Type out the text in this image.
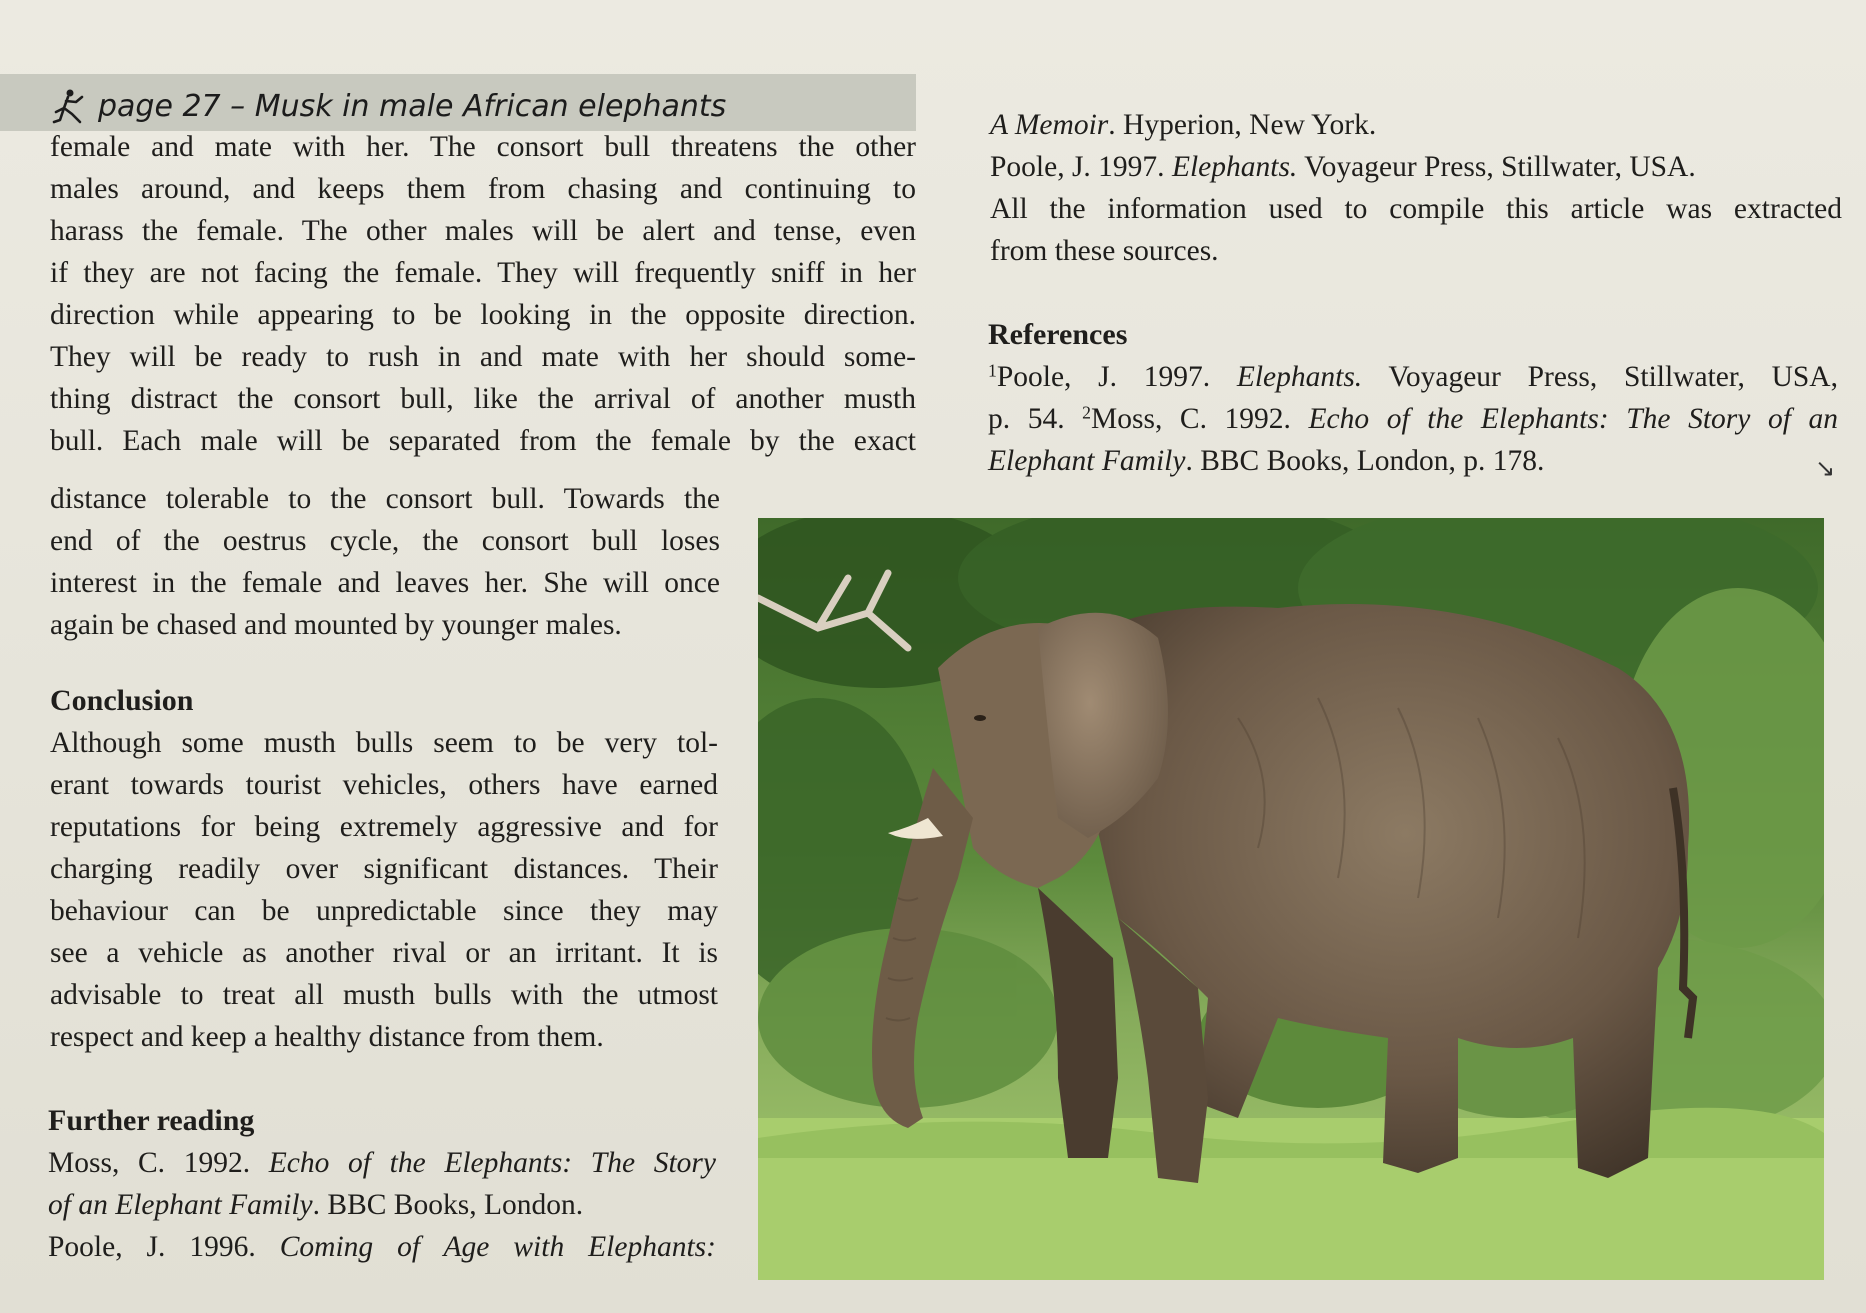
page 27 – Musk in male African elephants
female and mate with her. The consort bull threatens the other
males around, and keeps them from chasing and continuing to
harass the female. The other males will be alert and tense, even
if they are not facing the female. They will frequently sniff in her
direction while appearing to be looking in the opposite direction.
They will be ready to rush in and mate with her should some-
thing distract the consort bull, like the arrival of another musth
bull. Each male will be separated from the female by the exact
distance tolerable to the consort bull. Towards the
end of the oestrus cycle, the consort bull loses
interest in the female and leaves her. She will once
again be chased and mounted by younger males.
Conclusion
Although some musth bulls seem to be very tol-
erant towards tourist vehicles, others have earned
reputations for being extremely aggressive and for
charging readily over significant distances. Their
behaviour can be unpredictable since they may
see a vehicle as another rival or an irritant. It is
advisable to treat all musth bulls with the utmost
respect and keep a healthy distance from them.
Further reading
Moss, C. 1992. Echo of the Elephants: The Story
of an Elephant Family. BBC Books, London.
Poole, J. 1996. Coming of Age with Elephants:
A Memoir. Hyperion, New York.
Poole, J. 1997. Elephants. Voyageur Press, Stillwater, USA.
All the information used to compile this article was extracted
from these sources.
References
$^1$Poole, J. 1997. Elephants. Voyageur Press, Stillwater, USA,
p. 54. $^2$Moss, C. 1992. Echo of the Elephants: The Story of an
Elephant Family. BBC Books, London, p. 178.	↘
